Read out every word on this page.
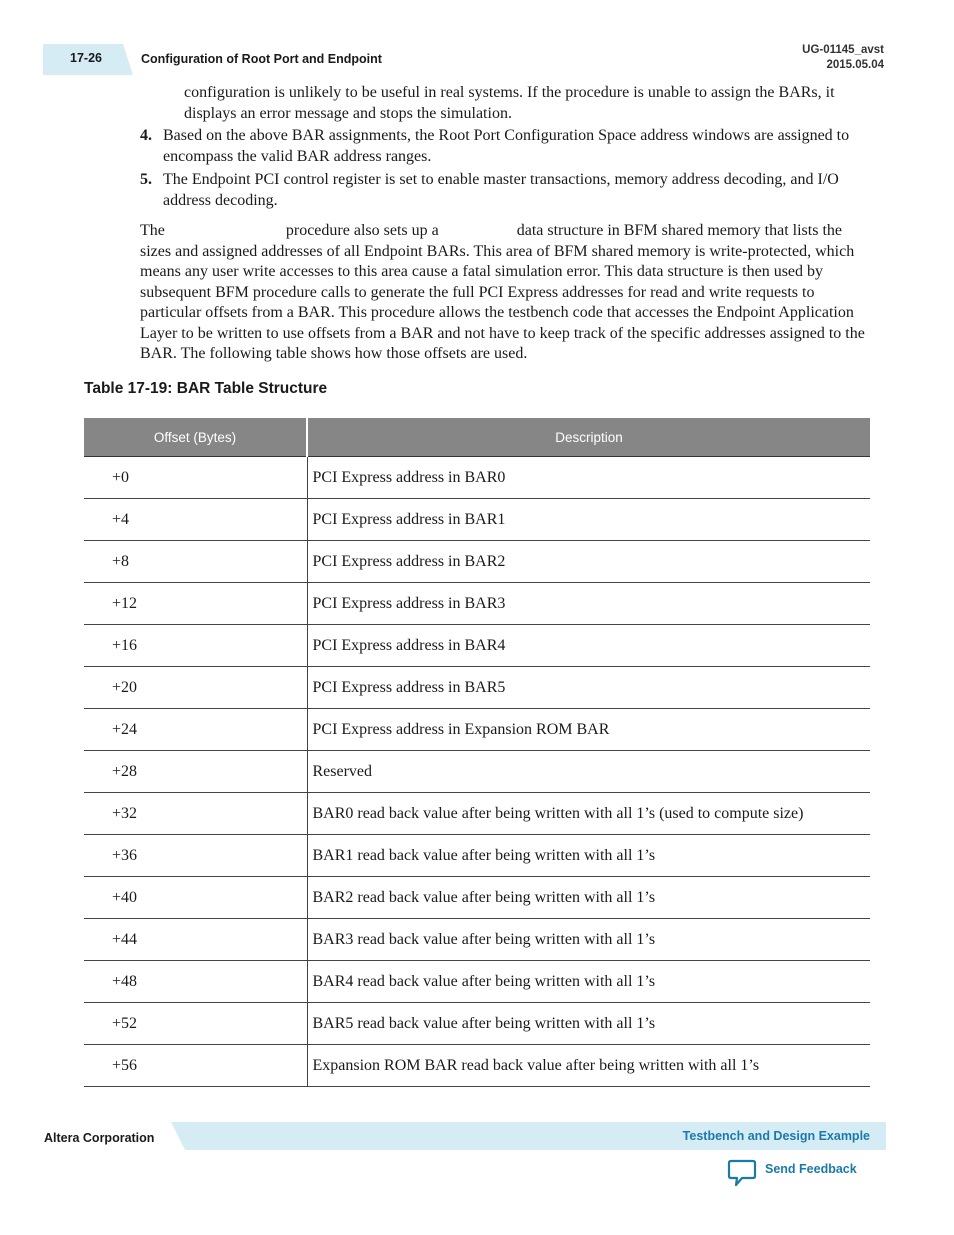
17-26	Configuration of Root Port and Endpoint
UG-01145_avst
2015.05.04
configuration is unlikely to be useful in real systems. If the procedure is unable to assign the BARs, it displays an error message and stops the simulation.
4. Based on the above BAR assignments, the Root Port Configuration Space address windows are assigned to encompass the valid BAR address ranges.
5. The Endpoint PCI control register is set to enable master transactions, memory address decoding, and I/O address decoding.
The	procedure also sets up a	data structure in BFM shared memory that lists the sizes and assigned addresses of all Endpoint BARs. This area of BFM shared memory is write-protected, which means any user write accesses to this area cause a fatal simulation error. This data structure is then used by subsequent BFM procedure calls to generate the full PCI Express addresses for read and write requests to particular offsets from a BAR. This procedure allows the testbench code that accesses the Endpoint Application Layer to be written to use offsets from a BAR and not have to keep track of the specific addresses assigned to the BAR. The following table shows how those offsets are used.
Table 17-19: BAR Table Structure
Offset (Bytes)	Description
+0	PCI Express address in BAR0
+4	PCI Express address in BAR1
+8	PCI Express address in BAR2
+12	PCI Express address in BAR3
+16	PCI Express address in BAR4
+20	PCI Express address in BAR5
+24	PCI Express address in Expansion ROM BAR
+28	Reserved
+32	BAR0 read back value after being written with all 1’s (used to compute size)
+36	BAR1 read back value after being written with all 1’s
+40	BAR2 read back value after being written with all 1’s
+44	BAR3 read back value after being written with all 1’s
+48	BAR4 read back value after being written with all 1’s
+52	BAR5 read back value after being written with all 1’s
+56	Expansion ROM BAR read back value after being written with all 1’s
Altera Corporation	Testbench and Design Example
Send Feedback
